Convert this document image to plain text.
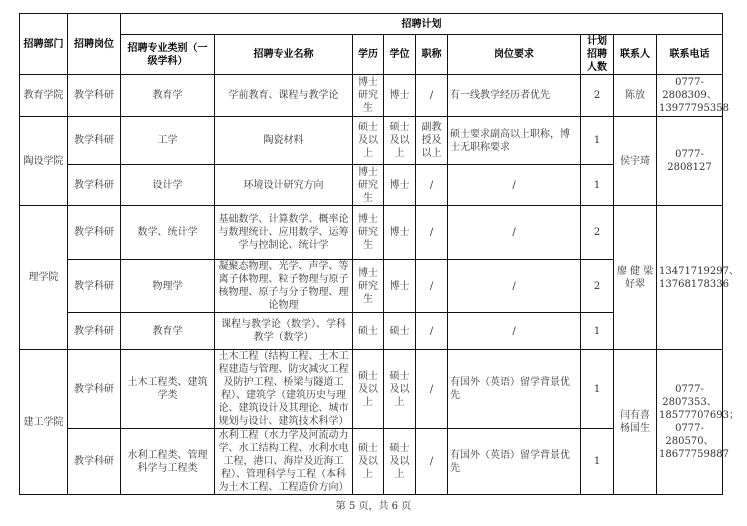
招聘部门	招聘岗位	招聘计划								
		招聘专业类别（一级学科）	招聘专业名称	学历	学位	职称	岗位要求	计划招聘人数	联系人	联系电话
教育学院	教学科研	教育学	学前教育、课程与教学论	博士研究生	博士	/	有一线教学经历者优先	2	陈放	0777-2808309、13977795358
陶设学院	教学科研	工学	陶瓷材料	硕士及以上	硕士及以上	副教授及以上	硕士要求副高以上职称，博士无职称要求	1	侯宇琦	0777-2808127
	教学科研	设计学	环境设计研究方向	博士研究生	博士	/	/	1		
理学院	教学科研	数学、统计学	基础数学、计算数学、概率论与数理统计、应用数学、运筹学与控制论、统计学	博士研究生	博士	/	/	2	廖 健 梁好翠	13471719297、13768178336
	教学科研	物理学	凝聚态物理、光学、声学、等离子体物理、粒子物理与原子核物理、原子与分子物理、理论物理	博士研究生	博士	/	/	2		
	教学科研	教育学	课程与教学论（数学）、学科教学（数学）	硕士	硕士	/	/	1		
建工学院	教学科研	土木工程类、建筑学类	土木工程（结构工程、土木工程建造与管理、防灾减灾工程及防护工程、桥梁与隧道工程）、建筑学（建筑历史与理论、建筑设计及其理论、城市规划与设计、建筑技术科学）	硕士及以上	硕士及以上	/	有国外（英语）留学背景优先	1	闫有喜 杨国生	0777-2807353、18577707693；0777-280570、18677759887
	教学科研	水利工程类、管理科学与工程类	水利工程（水力学及河流动力学、水工结构工程、水利水电工程，港口、海岸及近海工程）、管理科学与工程（本科为土木工程、工程造价方向）	硕士及以上	硕士及以上	/	有国外（英语）留学背景优先	1		
第 5 页，共 6 页
